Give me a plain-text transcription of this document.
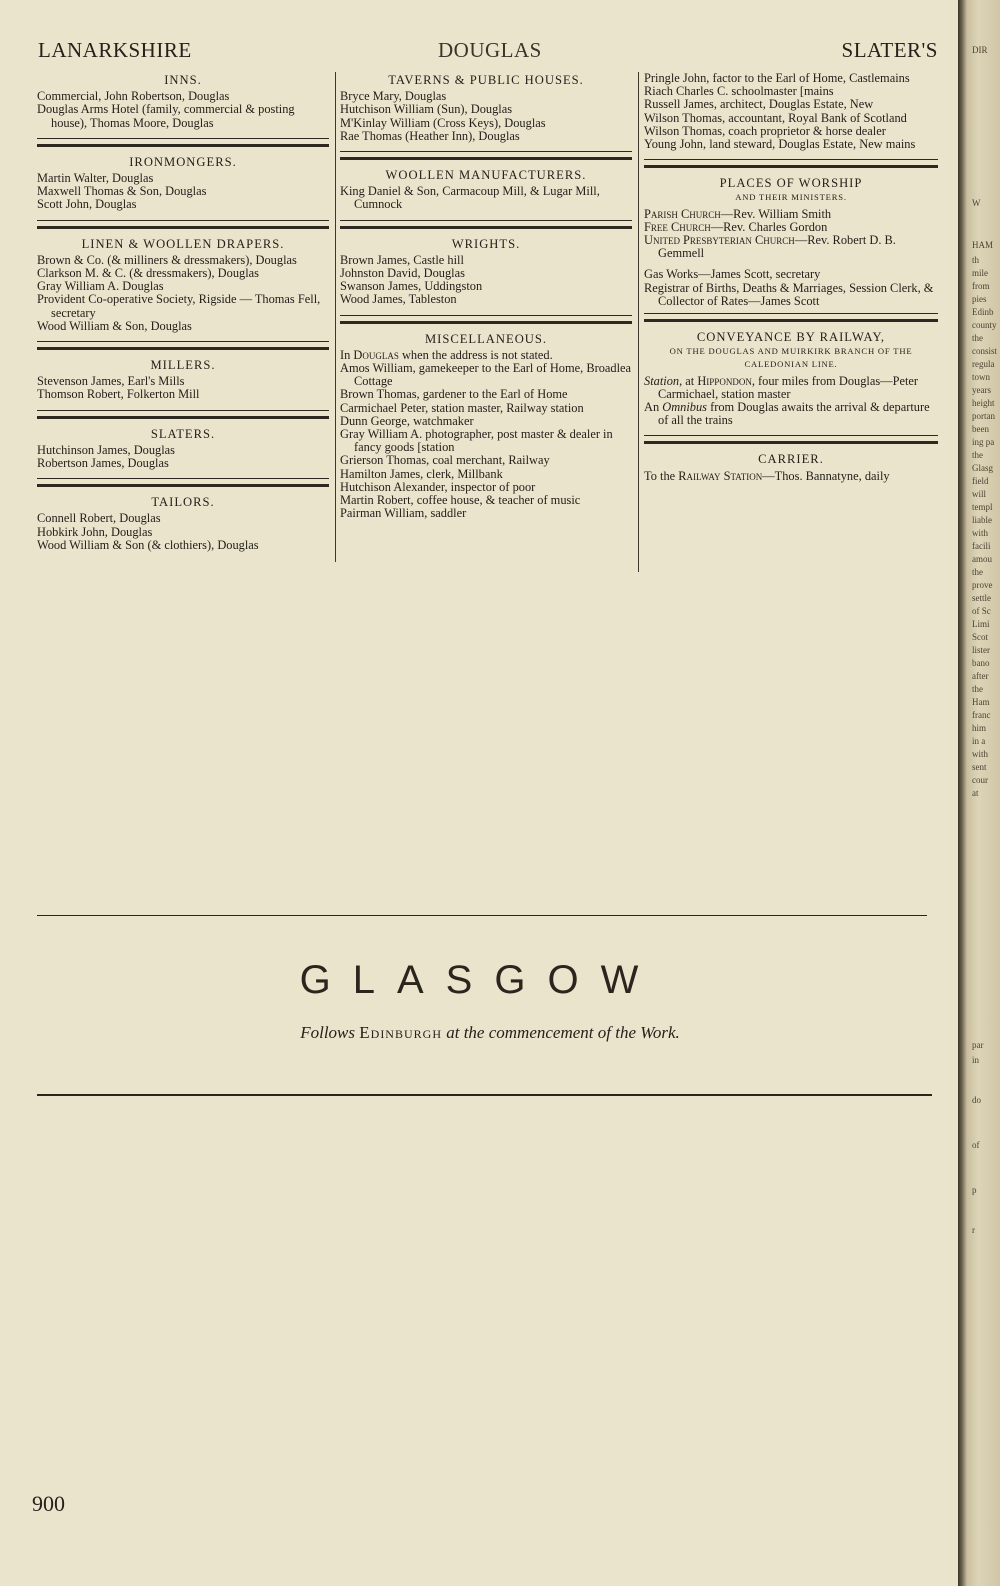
LANARKSHIRE	DOUGLAS	SLATER'S
INNS.

Commercial, John Robertson, Douglas

Douglas Arms Hotel (family, commercial & posting house), Thomas Moore, Douglas

IRONMONGERS.

Martin Walter, Douglas

Maxwell Thomas & Son, Douglas

Scott John, Douglas

LINEN & WOOLLEN DRAPERS.

Brown & Co. (& milliners & dressmakers), Douglas

Clarkson M. & C. (& dressmakers), Douglas

Gray William A. Douglas

Provident Co-operative Society, Rigside — Thomas Fell, secretary

Wood William & Son, Douglas

MILLERS.

Stevenson James, Earl's Mills

Thomson Robert, Folkerton Mill

SLATERS.

Hutchinson James, Douglas

Robertson James, Douglas

TAILORS.

Connell Robert, Douglas

Hobkirk John, Douglas

Wood William & Son (& clothiers), Douglas

TAVERNS & PUBLIC HOUSES.

Bryce Mary, Douglas

Hutchison William (Sun), Douglas

M'Kinlay William (Cross Keys), Douglas

Rae Thomas (Heather Inn), Douglas

WOOLLEN MANUFACTURERS.

King Daniel & Son, Carmacoup Mill, & Lugar Mill, Cumnock

WRIGHTS.

Brown James, Castle hill

Johnston David, Douglas

Swanson James, Uddingston

Wood James, Tableston

MISCELLANEOUS.

In Douglas when the address is not stated.

Amos William, gamekeeper to the Earl of Home, Broadlea Cottage

Brown Thomas, gardener to the Earl of Home

Carmichael Peter, station master, Railway station

Dunn George, watchmaker

Gray William A. photographer, post master & dealer in fancy goods [station

Grierson Thomas, coal merchant, Railway

Hamilton James, clerk, Millbank

Hutchison Alexander, inspector of poor

Martin Robert, coffee house, & teacher of music

Pairman William, saddler

Pringle John, factor to the Earl of Home, Castlemains

Riach Charles C. schoolmaster [mains

Russell James, architect, Douglas Estate, New

Wilson Thomas, accountant, Royal Bank of Scotland

Wilson Thomas, coach proprietor & horse dealer

Young John, land steward, Douglas Estate, New mains

PLACES OF WORSHIP
AND THEIR MINISTERS.

Parish Church—Rev. William Smith

Free Church—Rev. Charles Gordon

United Presbyterian Church—Rev. Robert D. B. Gemmell

Gas Works—James Scott, secretary

Registrar of Births, Deaths & Marriages, Session Clerk, & Collector of Rates—James Scott

CONVEYANCE BY RAILWAY,
ON THE DOUGLAS AND MUIRKIRK BRANCH OF THE CALEDONIAN LINE.

Station, at Hippondon, four miles from Douglas—Peter Carmichael, station master

An Omnibus from Douglas awaits the arrival & departure of all the trains

CARRIER.

To the Railway Station—Thos. Bannatyne, daily

GLASGOW
Follows Edinburgh at the commencement of the Work.
900
DIR
W
HAM
th
mile
from
pies
Edinb
county
the
consist
regula
town
years
height
portan
been
ing pa
the
Glasg
field
will
templ
liable
with
facili
amou
the
prove
settle
of Sc
Limi
Scot
lister
bano
after
the
Ham
franc
him
in a
with
sent
cour
at
par
in
do
of
p
r
